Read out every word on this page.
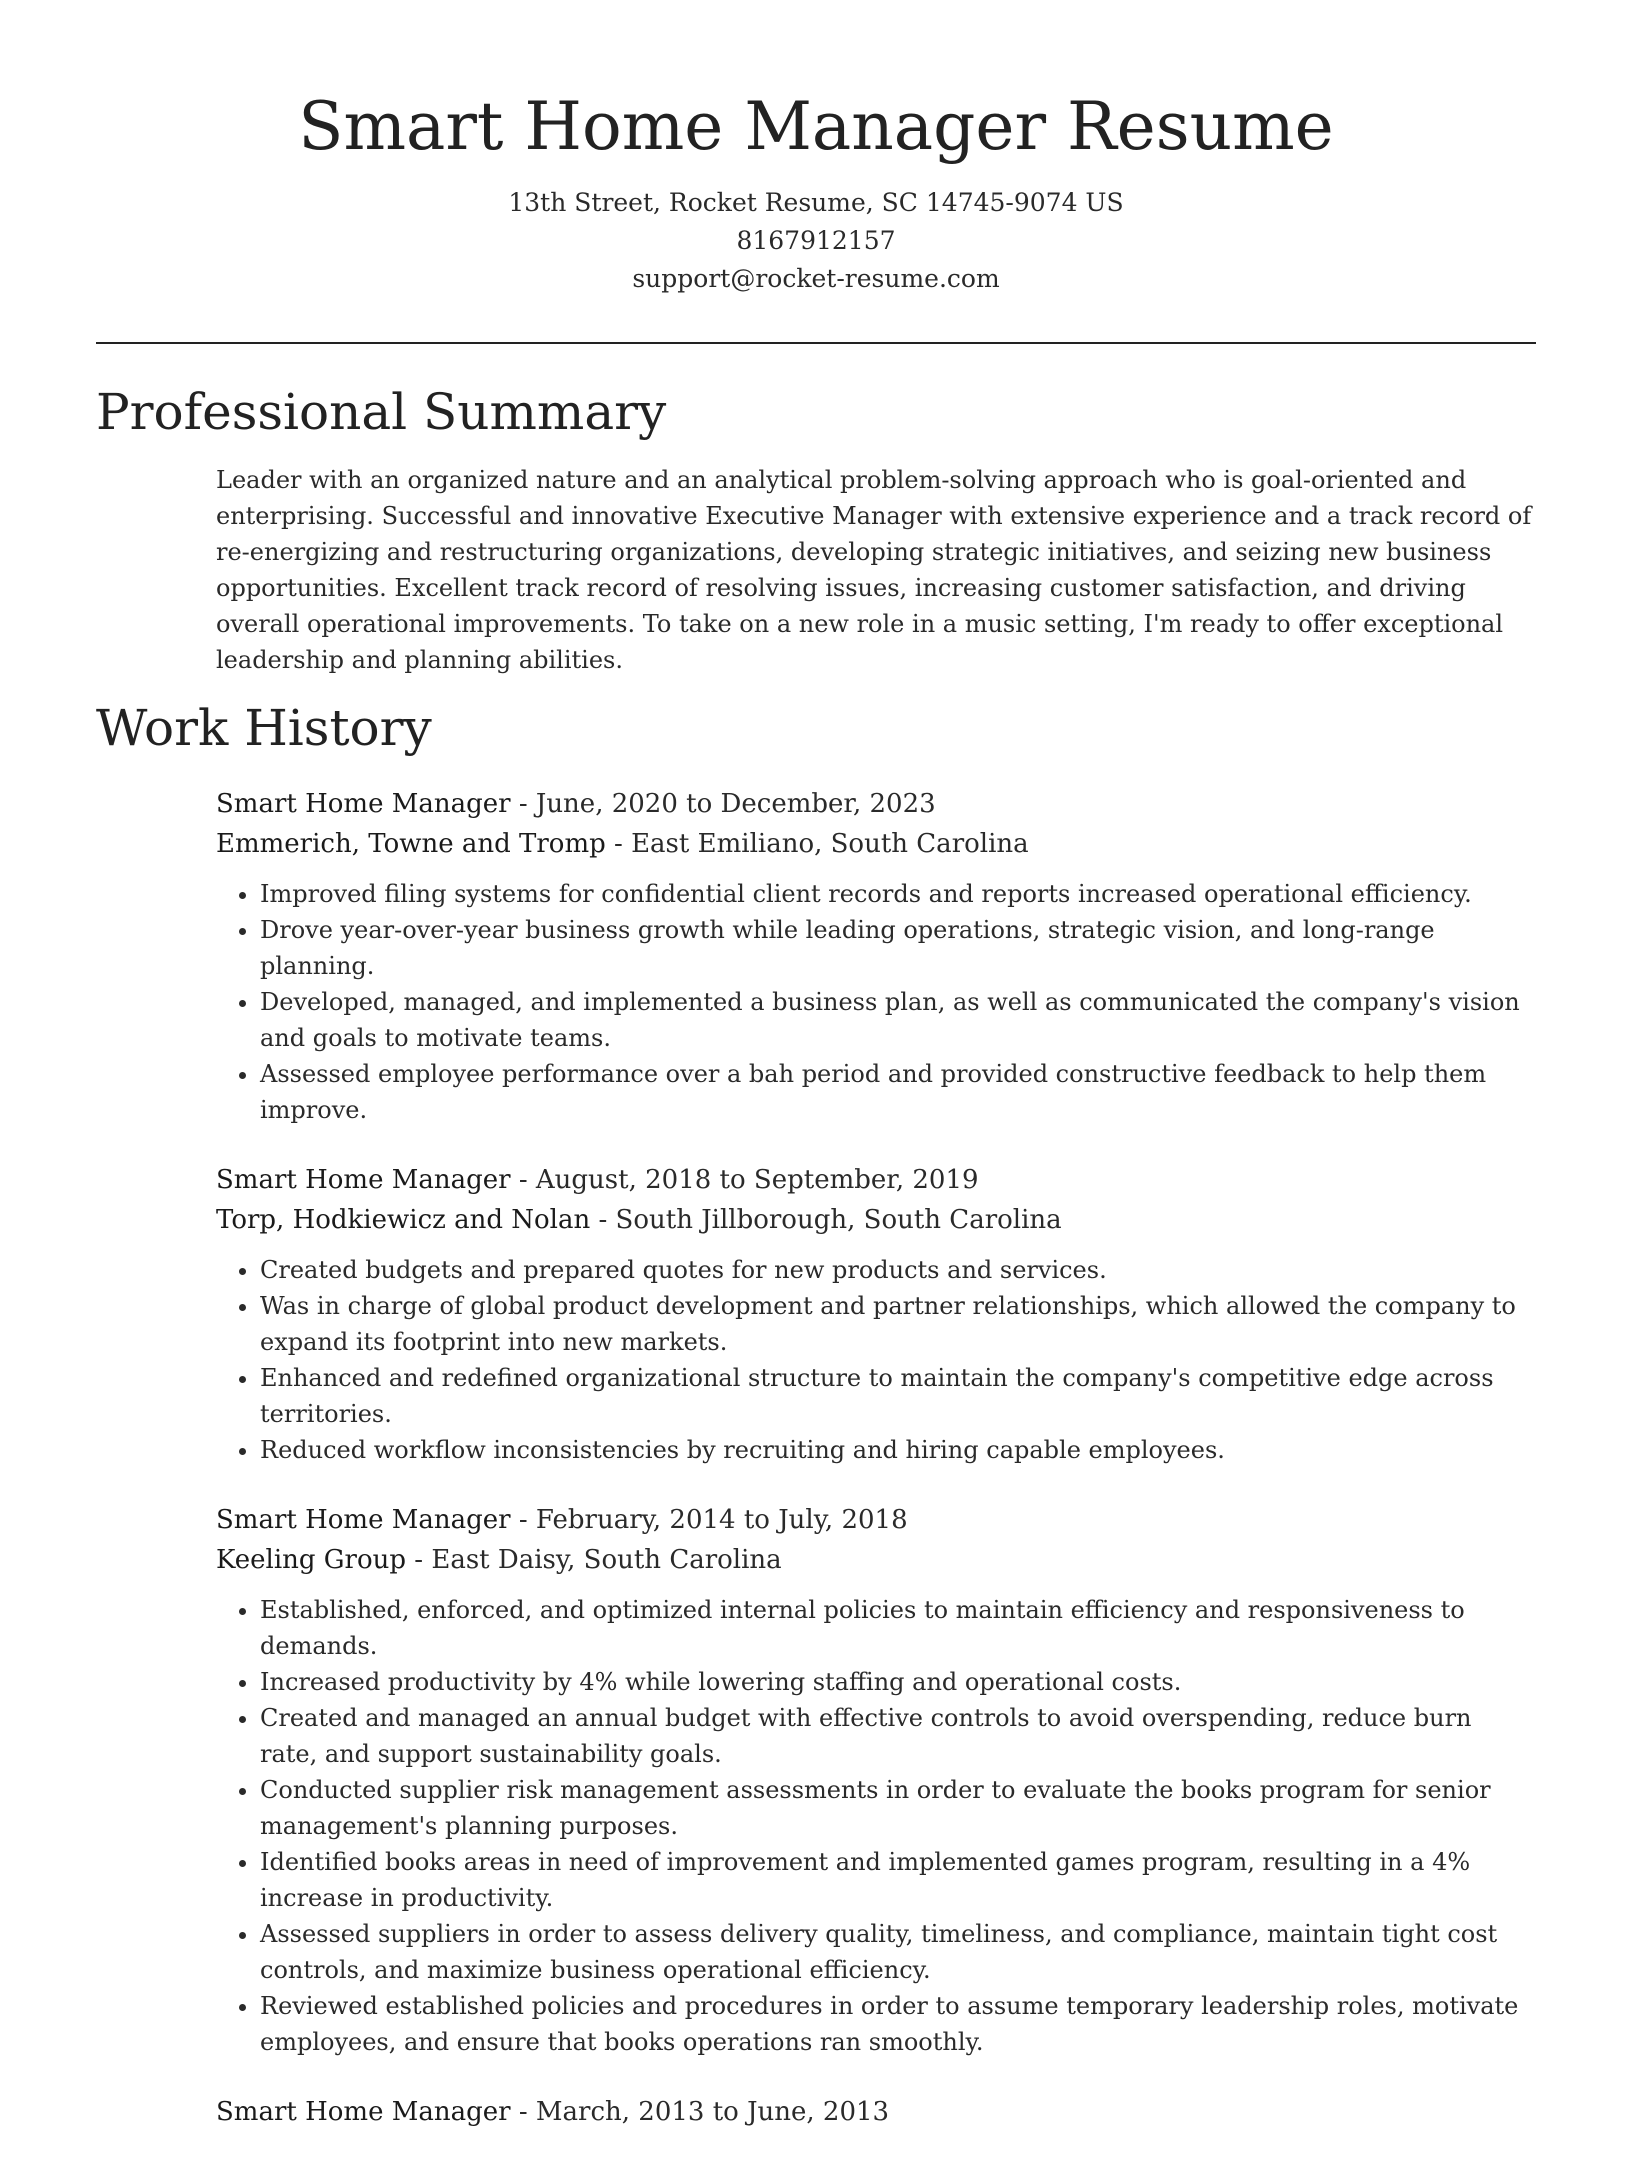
Smart Home Manager Resume
13th Street, Rocket Resume, SC 14745-9074 US
8167912157
support@rocket-resume.com
Professional Summary

Leader with an organized nature and an analytical problem-solving approach who is goal-oriented and enterprising. Successful and innovative Executive Manager with extensive experience and a track record of re-energizing and restructuring organizations, developing strategic initiatives, and seizing new business opportunities. Excellent track record of resolving issues, increasing customer satisfaction, and driving overall operational improvements. To take on a new role in a music setting, I'm ready to offer exceptional leadership and planning abilities.

Work History
Smart Home Manager - June, 2020 to December, 2023
Emmerich, Towne and Tromp - East Emiliano, South Carolina
• Improved filing systems for confidential client records and reports increased operational efficiency.
• Drove year-over-year business growth while leading operations, strategic vision, and long-range planning.
• Developed, managed, and implemented a business plan, as well as communicated the company's vision and goals to motivate teams.
• Assessed employee performance over a bah period and provided constructive feedback to help them improve.
Smart Home Manager - August, 2018 to September, 2019
Torp, Hodkiewicz and Nolan - South Jillborough, South Carolina
• Created budgets and prepared quotes for new products and services.
• Was in charge of global product development and partner relationships, which allowed the company to expand its footprint into new markets.
• Enhanced and redefined organizational structure to maintain the company's competitive edge across territories.
• Reduced workflow inconsistencies by recruiting and hiring capable employees.
Smart Home Manager - February, 2014 to July, 2018
Keeling Group - East Daisy, South Carolina
• Established, enforced, and optimized internal policies to maintain efficiency and responsiveness to demands.
• Increased productivity by 4% while lowering staffing and operational costs.
• Created and managed an annual budget with effective controls to avoid overspending, reduce burn rate, and support sustainability goals.
• Conducted supplier risk management assessments in order to evaluate the books program for senior management's planning purposes.
• Identified books areas in need of improvement and implemented games program, resulting in a 4% increase in productivity.
• Assessed suppliers in order to assess delivery quality, timeliness, and compliance, maintain tight cost controls, and maximize business operational efficiency.
• Reviewed established policies and procedures in order to assume temporary leadership roles, motivate employees, and ensure that books operations ran smoothly.
Smart Home Manager - March, 2013 to June, 2013
